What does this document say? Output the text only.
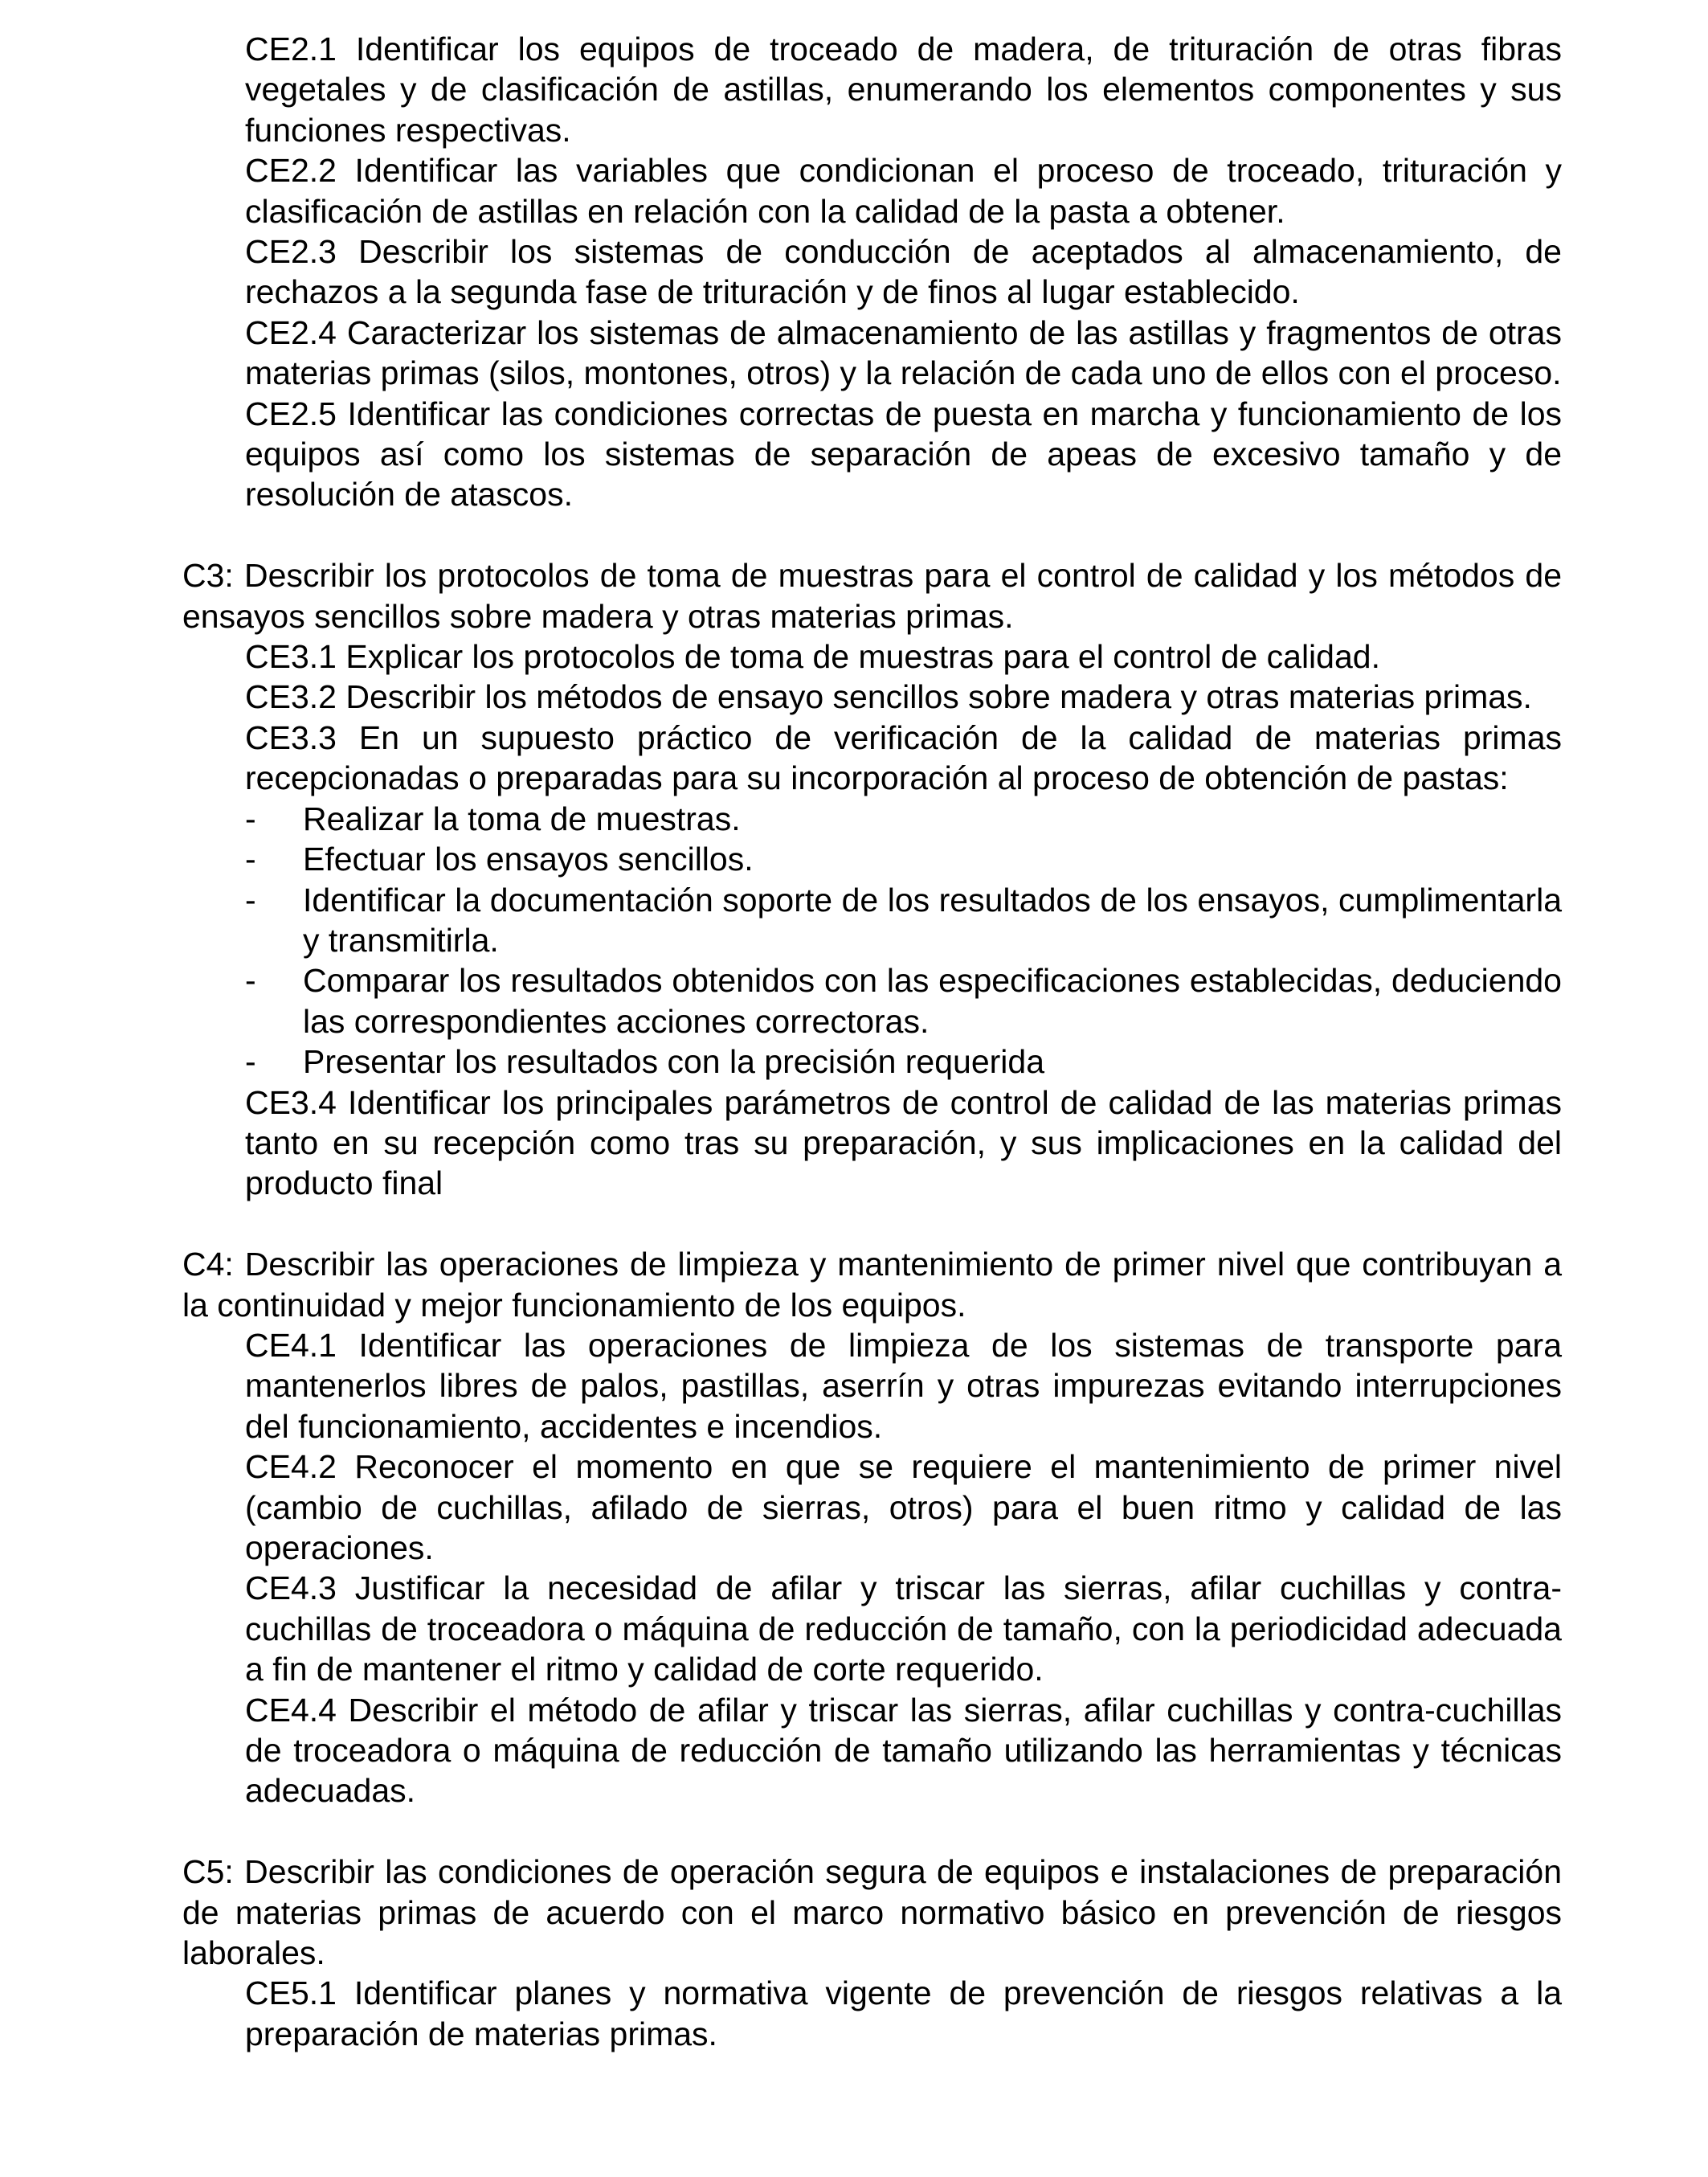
CE2.1 Identificar los equipos de troceado de madera, de trituración de otras fibras vegetales y de clasificación de astillas, enumerando los elementos componentes y sus funciones respectivas.

CE2.2 Identificar las variables que condicionan el proceso de troceado, trituración y clasificación de astillas en relación con la calidad de la pasta a obtener.

CE2.3 Describir los sistemas de conducción de aceptados al almacenamiento, de rechazos a la segunda fase de trituración y de finos al lugar establecido.

CE2.4 Caracterizar los sistemas de almacenamiento de las astillas y fragmentos de otras materias primas (silos, montones, otros) y la relación de cada uno de ellos con el proceso.

CE2.5 Identificar las condiciones correctas de puesta en marcha y funcionamiento de los equipos así como los sistemas de separación de apeas de excesivo tamaño y de resolución de atascos.

C3: Describir los protocolos de toma de muestras para el control de calidad y los métodos de ensayos sencillos sobre madera y otras materias primas.

CE3.1 Explicar los protocolos de toma de muestras para el control de calidad.

CE3.2 Describir los métodos de ensayo sencillos sobre madera y otras materias primas.

CE3.3 En un supuesto práctico de verificación de la calidad de materias primas recepcionadas o preparadas para su incorporación al proceso de obtención de pastas:

- Realizar la toma de muestras.
- Efectuar los ensayos sencillos.
- Identificar la documentación soporte de los resultados de los ensayos, cumplimentarla y transmitirla.
- Comparar los resultados obtenidos con las especificaciones establecidas, deduciendo las correspondientes acciones correctoras.
- Presentar los resultados con la precisión requerida

CE3.4 Identificar los principales parámetros de control de calidad de las materias primas tanto en su recepción como tras su preparación, y sus implicaciones en la calidad del producto final

C4: Describir las operaciones de limpieza y mantenimiento de primer nivel que contribuyan a la continuidad y mejor funcionamiento de los equipos.

CE4.1 Identificar las operaciones de limpieza de los sistemas de transporte para mantenerlos libres de palos, pastillas, aserrín y otras impurezas evitando interrupciones del funcionamiento, accidentes e incendios.

CE4.2 Reconocer el momento en que se requiere el mantenimiento de primer nivel (cambio de cuchillas, afilado de sierras, otros) para el buen ritmo y calidad de las operaciones.

CE4.3 Justificar la necesidad de afilar y triscar las sierras, afilar cuchillas y contra-cuchillas de troceadora o máquina de reducción de tamaño, con la periodicidad adecuada a fin de mantener el ritmo y calidad de corte requerido.

CE4.4 Describir el método de afilar y triscar las sierras, afilar cuchillas y contra-cuchillas de troceadora o máquina de reducción de tamaño utilizando las herramientas y técnicas adecuadas.

C5: Describir las condiciones de operación segura de equipos e instalaciones de preparación de materias primas de acuerdo con el marco normativo básico en prevención de riesgos laborales.

CE5.1 Identificar planes y normativa vigente de prevención de riesgos relativas a la preparación de materias primas.
